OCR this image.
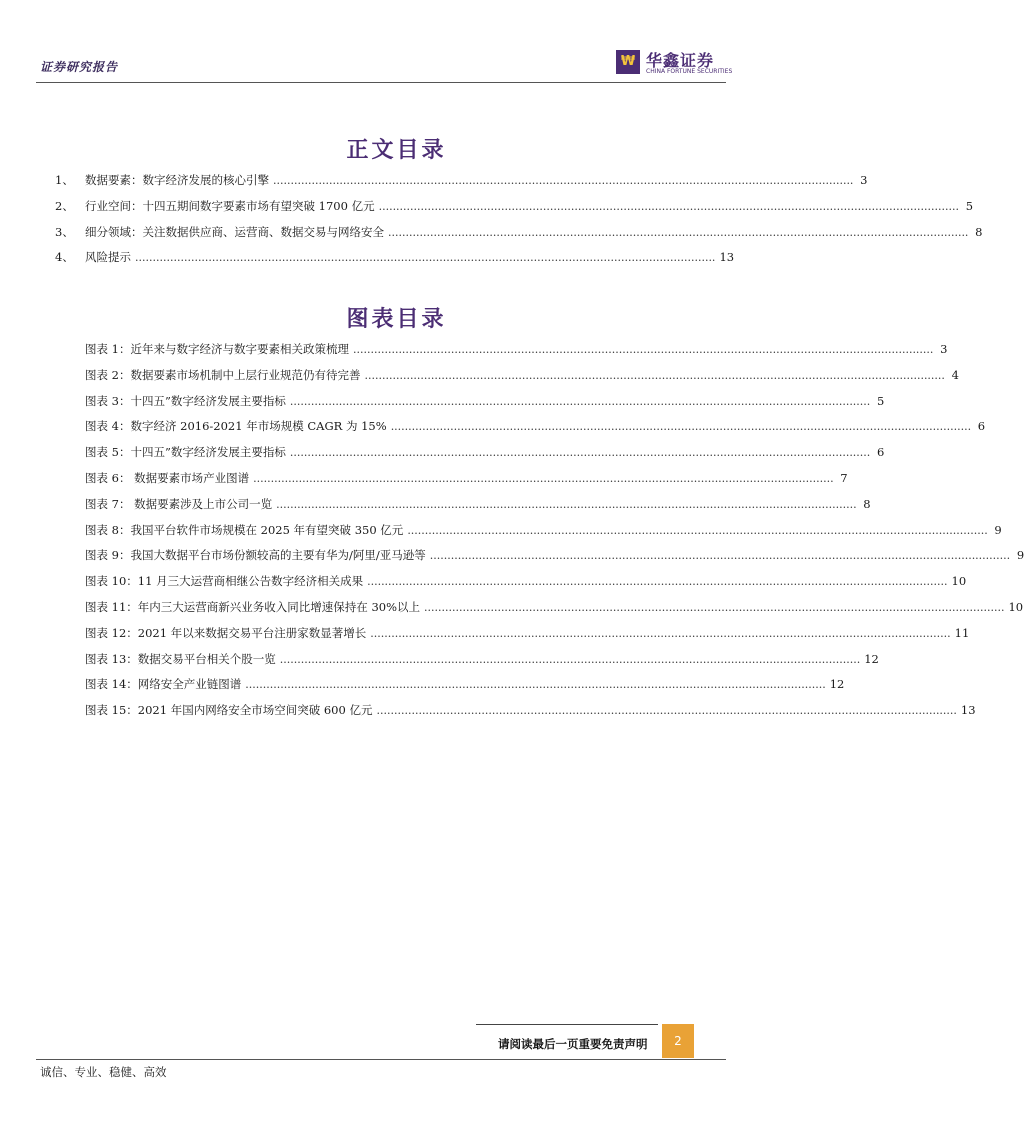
证券研究报告	₩ 华鑫证券
CHINA FORTUNE SECURITIES
正文目录
1、 数据要素：数字经济发展的核心引擎 ...................................................................................................................................................................... 3
2、 行业空间：十四五期间数字要素市场有望突破 1700 亿元 ...................................................................................................................................................................... 5
3、 细分领域：关注数据供应商、运营商、数据交易与网络安全 ...................................................................................................................................................................... 8
4、 风险提示 ...................................................................................................................................................................... 13
图表目录
图表 1：近年来与数字经济与数字要素相关政策梳理 ...................................................................................................................................................................... 3
图表 2：数据要素市场机制中上层行业规范仍有待完善 ...................................................................................................................................................................... 4
图表 3：十四五”数字经济发展主要指标 ...................................................................................................................................................................... 5
图表 4：数字经济 2016-2021 年市场规模 CAGR 为 15% ...................................................................................................................................................................... 6
图表 5：十四五”数字经济发展主要指标 ...................................................................................................................................................................... 6
图表 6： 数据要素市场产业图谱 ...................................................................................................................................................................... 7
图表 7： 数据要素涉及上市公司一览 ...................................................................................................................................................................... 8
图表 8：我国平台软件市场规模在 2025 年有望突破 350 亿元 ...................................................................................................................................................................... 9
图表 9：我国大数据平台市场份额较高的主要有华为/阿里/亚马逊等 ...................................................................................................................................................................... 9
图表 10：11 月三大运营商相继公告数字经济相关成果 ...................................................................................................................................................................... 10
图表 11：年内三大运营商新兴业务收入同比增速保持在 30%以上 ...................................................................................................................................................................... 10
图表 12：2021 年以来数据交易平台注册家数显著增长 ...................................................................................................................................................................... 11
图表 13：数据交易平台相关个股一览 ...................................................................................................................................................................... 12
图表 14：网络安全产业链图谱 ...................................................................................................................................................................... 12
图表 15：2021 年国内网络安全市场空间突破 600 亿元 ...................................................................................................................................................................... 13
请阅读最后一页重要免责声明	2
诚信、专业、稳健、高效
